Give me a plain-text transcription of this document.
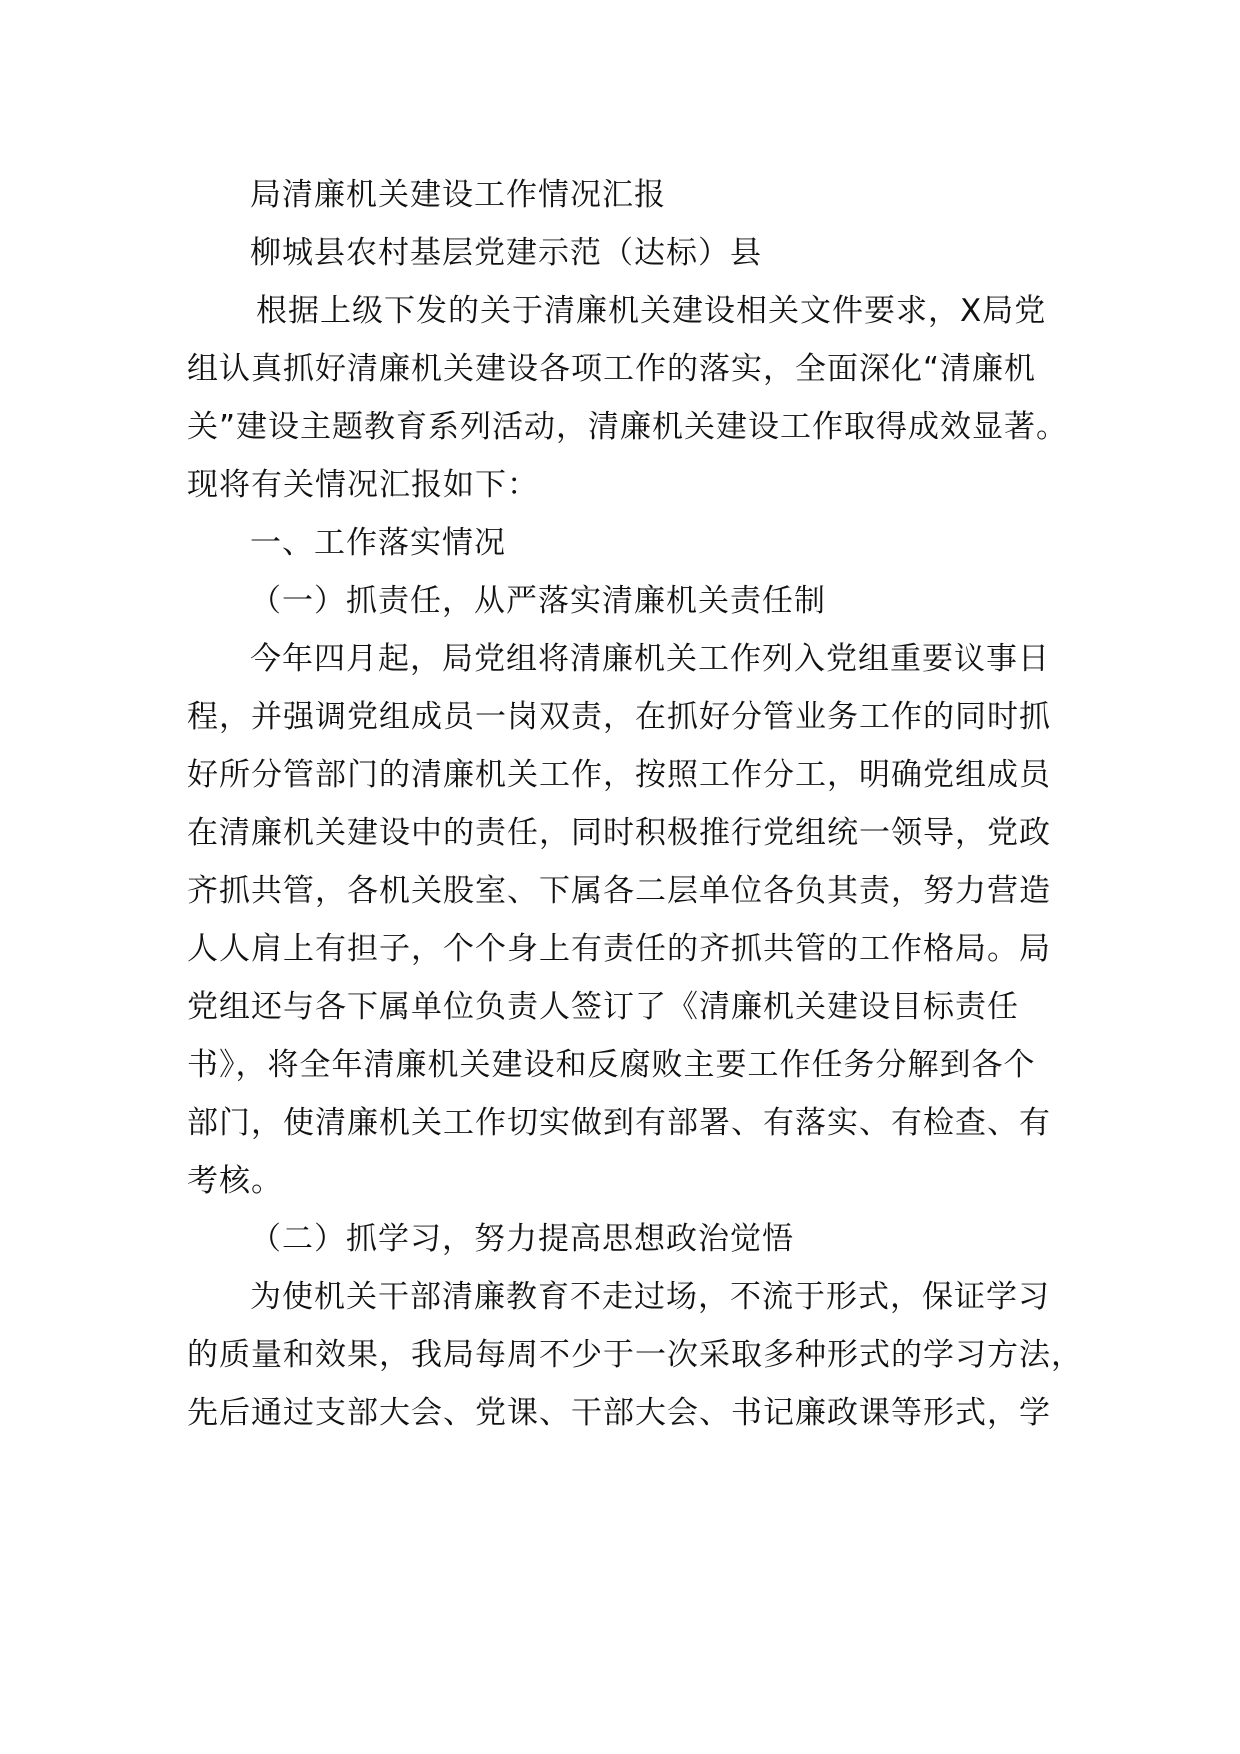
局清廉机关建设工作情况汇报
柳城县农村基层党建示范（达标）县
根据上级下发的关于清廉机关建设相关文件要求，X局党
组认真抓好清廉机关建设各项工作的落实，全面深化“清廉机
关”建设主题教育系列活动，清廉机关建设工作取得成效显著。
现将有关情况汇报如下：
一、工作落实情况
（一）抓责任，从严落实清廉机关责任制
今年四月起，局党组将清廉机关工作列入党组重要议事日
程，并强调党组成员一岗双责，在抓好分管业务工作的同时抓
好所分管部门的清廉机关工作，按照工作分工，明确党组成员
在清廉机关建设中的责任，同时积极推行党组统一领导，党政
齐抓共管，各机关股室、下属各二层单位各负其责，努力营造
人人肩上有担子，个个身上有责任的齐抓共管的工作格局。局
党组还与各下属单位负责人签订了《清廉机关建设目标责任
书》，将全年清廉机关建设和反腐败主要工作任务分解到各个
部门，使清廉机关工作切实做到有部署、有落实、有检查、有
考核。
（二）抓学习，努力提高思想政治觉悟
为使机关干部清廉教育不走过场，不流于形式，保证学习
的质量和效果，我局每周不少于一次采取多种形式的学习方法，
先后通过支部大会、党课、干部大会、书记廉政课等形式，学
